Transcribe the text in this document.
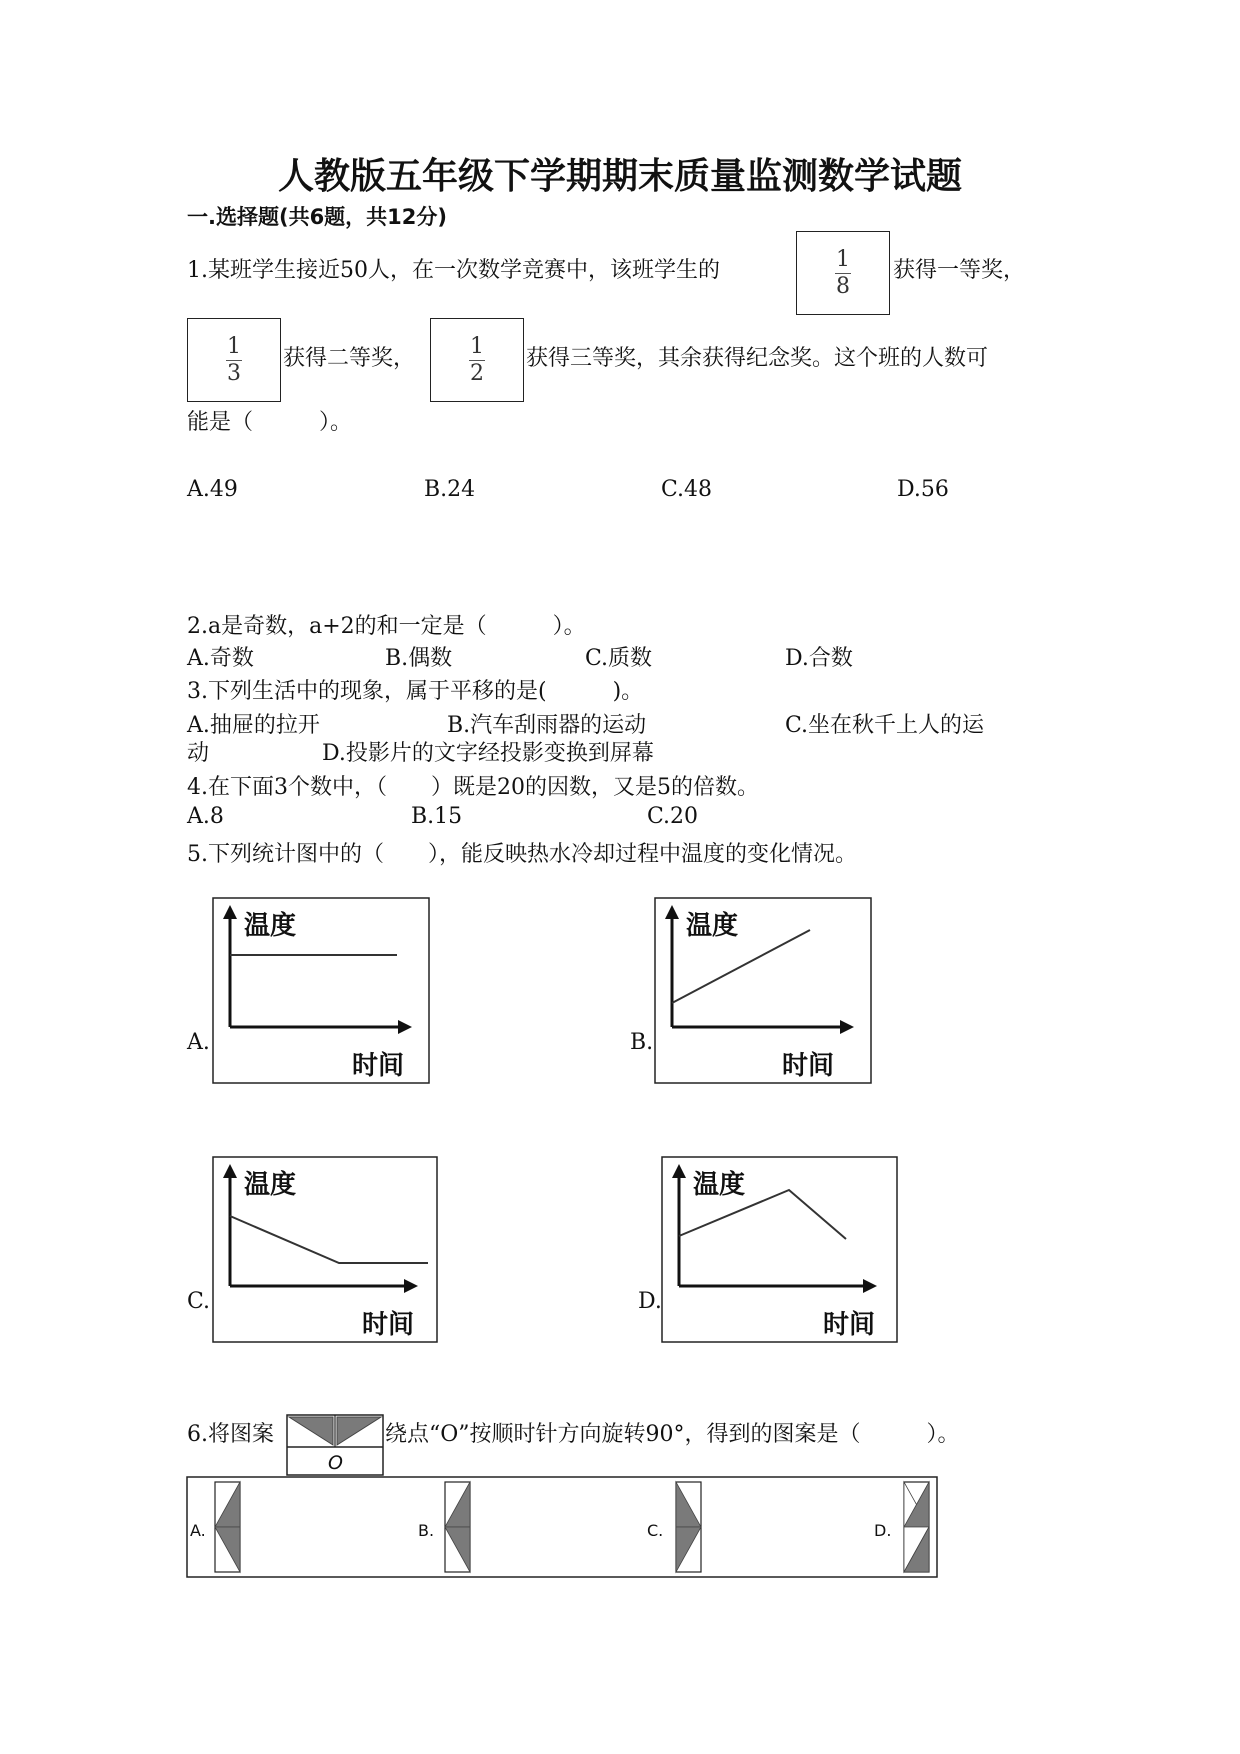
人教版五年级下学期期末质量监测数学试题
一.选择题(共6题，共12分)
1.某班学生接近50人，在一次数学竞赛中，该班学生的	$\frac{1}{8}$ 获得一等奖，
$\frac{1}{3}$ 获得二等奖， $\frac{1}{2}$ 获得三等奖，其余获得纪念奖。这个班的人数可
能是（　　　）。
A.49	B.24	C.48	D.56
2.a是奇数，a+2的和一定是（　　　）。
A.奇数	B.偶数	C.质数	D.合数
3.下列生活中的现象，属于平移的是(　　　)。
A.抽屉的拉开	B.汽车刮雨器的运动	C.坐在秋千上人的运
动	D.投影片的文字经投影变换到屏幕
4.在下面3个数中，（　　）既是20的因数，又是5的倍数。
A.8	B.15	C.20
5.下列统计图中的（　　），能反映热水冷却过程中温度的变化情况。
A.	B.
C.	D.
温度
时间
温度
时间
温度
时间
温度
时间
6.将图案
O
绕点“O”按顺时针方向旋转90°，得到的图案是（　　　）。
A.	B.	C.	D.
